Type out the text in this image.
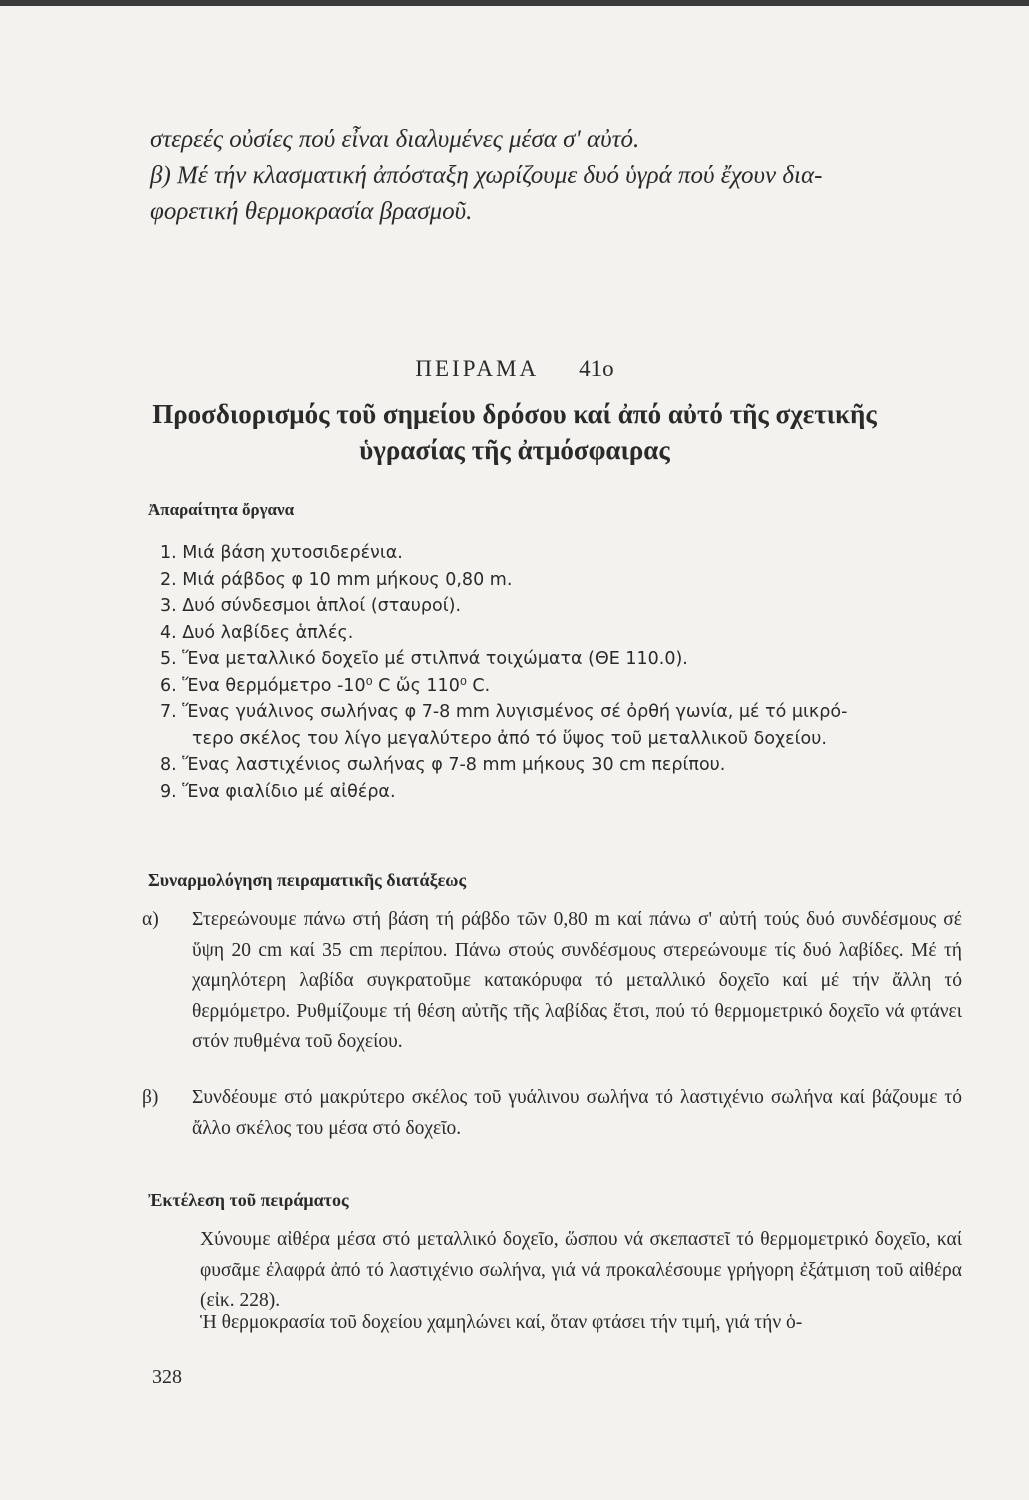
στερεές οὐσίες πού εἶναι διαλυμένες μέσα σ' αὐτό.

β) Μέ τήν κλασματική ἀπόσταξη χωρίζουμε δυό ὑγρά πού ἔχουν δια-

φορετική θερμοκρασία βρασμοῦ.

ΠΕΙΡΑΜΑ 41ο
Προσδιορισμός τοῦ σημείου δρόσου καί ἀπό αὐτό τῆς σχετικῆς
ὑγρασίας τῆς ἀτμόσφαιρας
Ἀπαραίτητα ὄργανα

1. Μιά βάση χυτοσιδερένια.

2. Μιά ράβδος φ 10 mm μήκους 0,80 m.

3. Δυό σύνδεσμοι ἁπλοί (σταυροί).

4. Δυό λαβίδες ἁπλές.

5. Ἕνα μεταλλικό δοχεῖο μέ στιλπνά τοιχώματα (ΘΕ 110.0).

6. Ἕνα θερμόμετρο -10⁰ C ὥς 110⁰ C.

7. Ἕνας γυάλινος σωλήνας φ 7-8 mm λυγισμένος σέ ὀρθή γωνία, μέ τό μικρό-

τερο σκέλος του λίγο μεγαλύτερο ἀπό τό ὕψος τοῦ μεταλλικοῦ δοχείου.

8. Ἕνας λαστιχένιος σωλήνας φ 7-8 mm μήκους 30 cm περίπου.

9. Ἕνα φιαλίδιο μέ αἰθέρα.

Συναρμολόγηση πειραματικῆς διατάξεως
α) Στερεώνουμε πάνω στή βάση τή ράβδο τῶν 0,80 m καί πάνω σ' αὐτή τούς δυό συνδέσμους σέ ὕψη 20 cm καί 35 cm περίπου. Πάνω στούς συνδέσμους στερεώνουμε τίς δυό λαβίδες. Μέ τή χαμηλότερη λαβίδα συγκρατοῦμε κατακόρυφα τό μεταλλικό δοχεῖο καί μέ τήν ἄλλη τό θερμόμετρο. Ρυθμίζουμε τή θέση αὐτῆς τῆς λαβίδας ἔτσι, πού τό θερμομετρικό δοχεῖο νά φτάνει στόν πυθμένα τοῦ δοχείου.
β) Συνδέουμε στό μακρύτερο σκέλος τοῦ γυάλινου σωλήνα τό λαστιχένιο σωλήνα καί βάζουμε τό ἄλλο σκέλος του μέσα στό δοχεῖο.
Ἐκτέλεση τοῦ πειράματος
Χύνουμε αἰθέρα μέσα στό μεταλλικό δοχεῖο, ὥσπου νά σκεπαστεῖ τό θερμομετρικό δοχεῖο, καί φυσᾶμε ἐλαφρά ἀπό τό λαστιχένιο σωλήνα, γιά νά προκαλέσουμε γρήγορη ἐξάτμιση τοῦ αἰθέρα (εἰκ. 228).
Ἡ θερμοκρασία τοῦ δοχείου χαμηλώνει καί, ὅταν φτάσει τήν τιμή, γιά τήν ὁ-
328
